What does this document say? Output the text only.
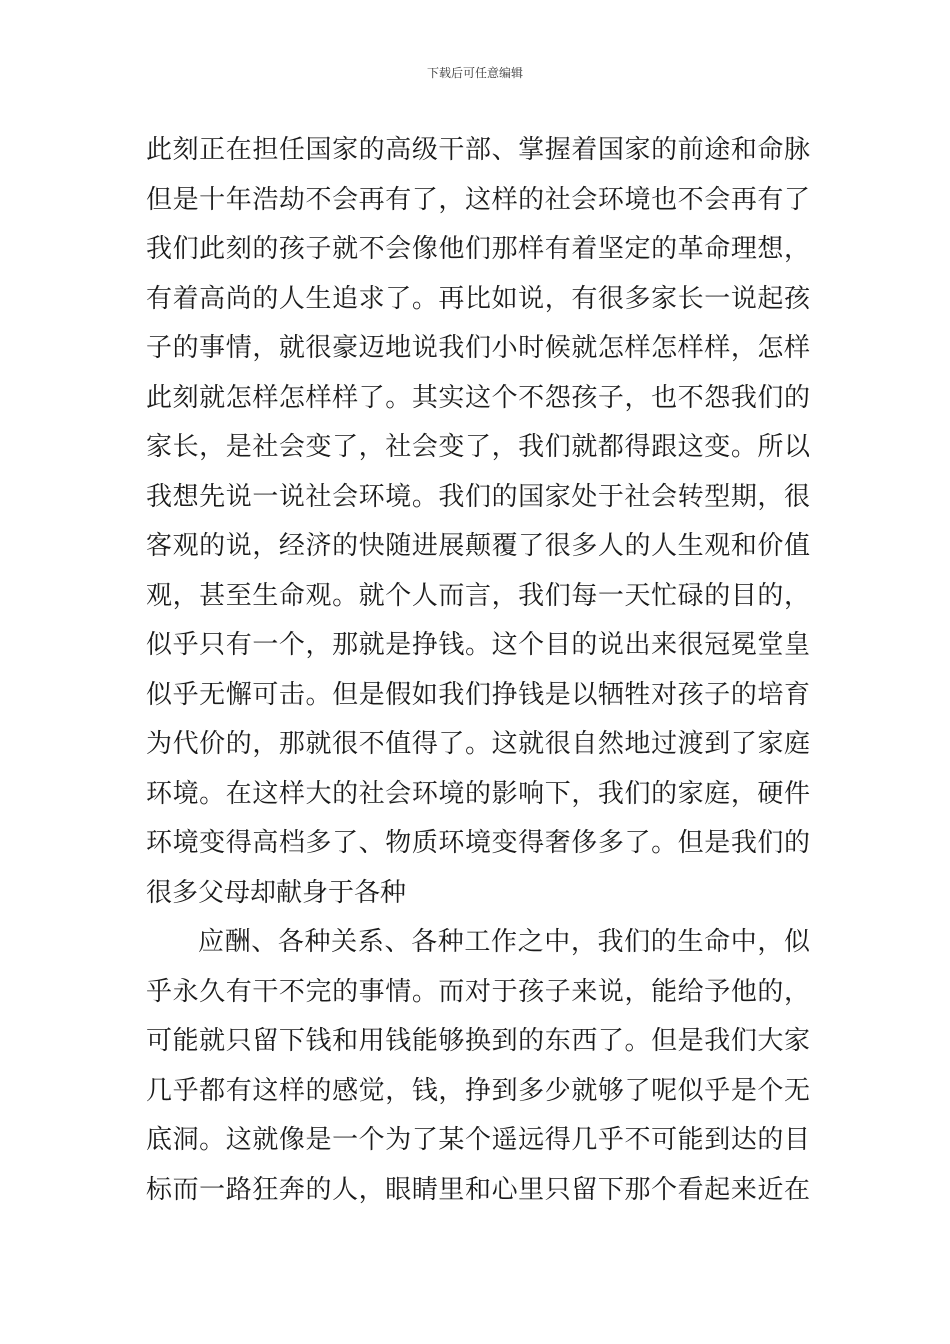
下载后可任意编辑
此刻正在担任国家的高级干部、掌握着国家的前途和命脉
但是十年浩劫不会再有了，这样的社会环境也不会再有了
我们此刻的孩子就不会像他们那样有着坚定的革命理想，
有着高尚的人生追求了。再比如说，有很多家长一说起孩
子的事情，就很豪迈地说我们小时候就怎样怎样样，怎样
此刻就怎样怎样样了。其实这个不怨孩子，也不怨我们的
家长，是社会变了，社会变了，我们就都得跟这变。所以
我想先说一说社会环境。我们的国家处于社会转型期，很
客观的说，经济的快随进展颠覆了很多人的人生观和价值
观，甚至生命观。就个人而言，我们每一天忙碌的目的，
似乎只有一个，那就是挣钱。这个目的说出来很冠冕堂皇
似乎无懈可击。但是假如我们挣钱是以牺牲对孩子的培育
为代价的，那就很不值得了。这就很自然地过渡到了家庭
环境。在这样大的社会环境的影响下，我们的家庭，硬件
环境变得高档多了、物质环境变得奢侈多了。但是我们的
很多父母却献身于各种
应酬、各种关系、各种工作之中，我们的生命中，似
乎永久有干不完的事情。而对于孩子来说，能给予他的，
可能就只留下钱和用钱能够换到的东西了。但是我们大家
几乎都有这样的感觉，钱，挣到多少就够了呢似乎是个无
底洞。这就像是一个为了某个遥远得几乎不可能到达的目
标而一路狂奔的人，眼睛里和心里只留下那个看起来近在
